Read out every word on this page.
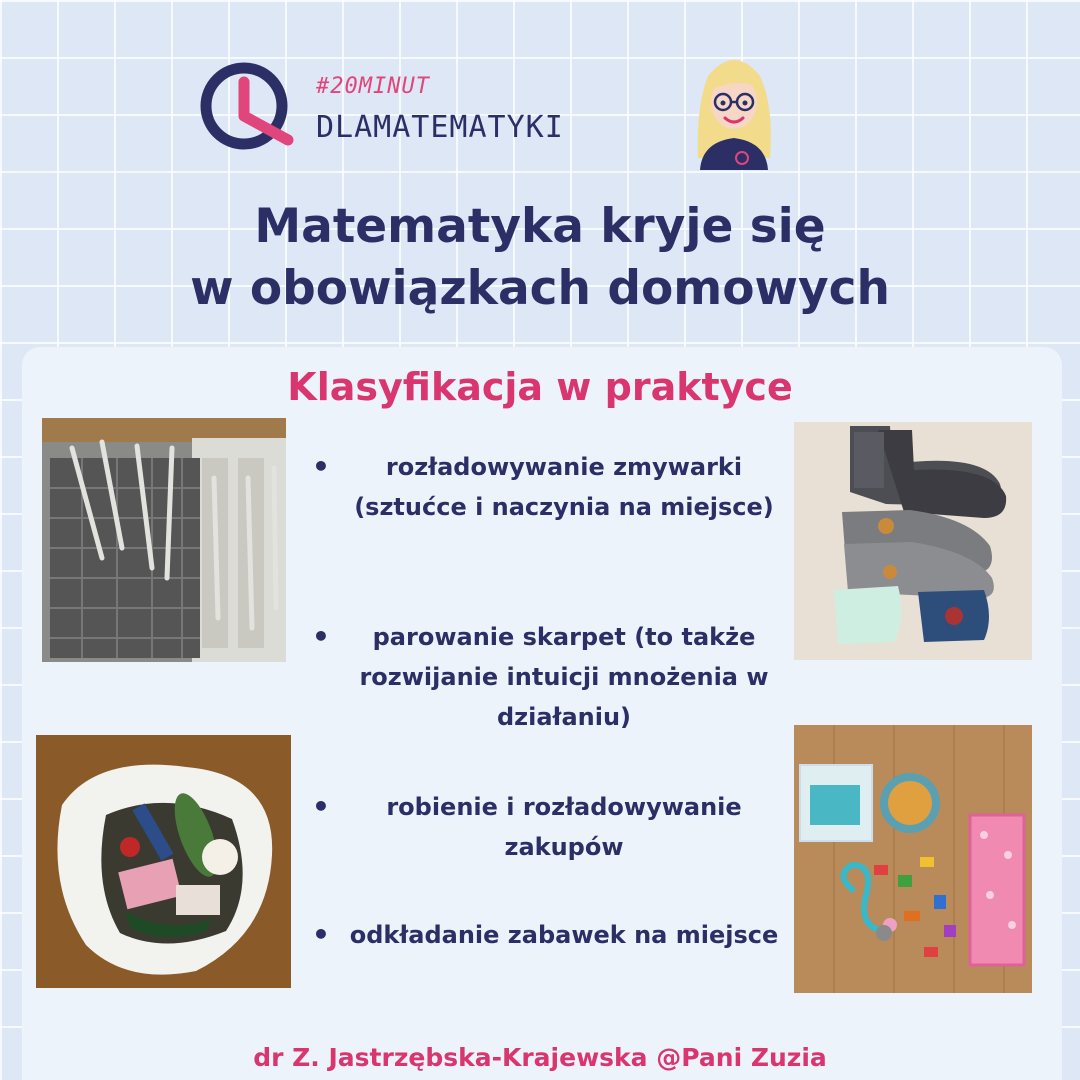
#20MINUT
DLAMATEMATYKI
Matematyka kryje się
w obowiązkach domowych
Klasyfikacja w praktyce
•	rozładowywanie zmywarki (sztućce i naczynia na miejsce)
•	parowanie skarpet (to także rozwijanie intuicji mnożenia w działaniu)
•	robienie i rozładowywanie zakupów
• odkładanie zabawek na miejsce

dr Z. Jastrzębska-Krajewska @Pani Zuzia
